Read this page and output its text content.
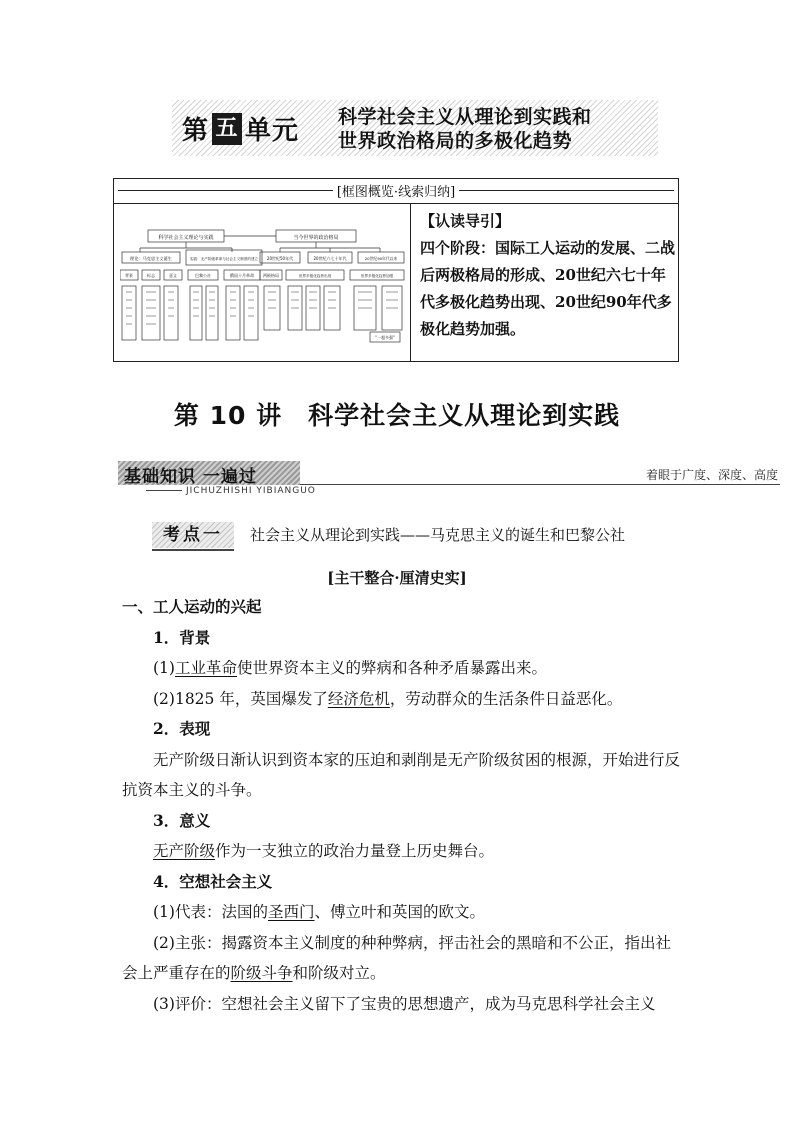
第 五 单元 科学社会主义从理论到实践和
世界政治格局的多极化趋势
[框图概览·线索归纳]
科学社会主义理论与实践	当今世界的政治格局
理论：马克思主义诞生	实践：无产阶级革命与社会主义制度的建立 20世纪50年代	20世纪六七十年代	20世纪90年代以来
背景	标志	意义	巴黎公社	俄国十月革命 两极格局	世界多极化趋势出现	世界多极化趋势加强
"一超多强"
【认读导引】
四个阶段：国际工人运动的发展、二战后两极格局的形成、20世纪六七十年代多极化趋势出现、20世纪90年代多极化趋势加强。
第 10 讲　科学社会主义从理论到实践
基础知识 一遍过
JICHUZHISHI YIBIANGUO
着眼于广度、深度、高度
考点一	社会主义从理论到实践——马克思主义的诞生和巴黎公社
[主干整合·厘清史实]

一、工人运动的兴起

1．背景

(1)工业革命使世界资本主义的弊病和各种矛盾暴露出来。

(2)1825 年，英国爆发了经济危机，劳动群众的生活条件日益恶化。

2．表现

无产阶级日渐认识到资本家的压迫和剥削是无产阶级贫困的根源，开始进行反抗资本主义的斗争。

3．意义

无产阶级作为一支独立的政治力量登上历史舞台。

4．空想社会主义

(1)代表：法国的圣西门、傅立叶和英国的欧文。

(2)主张：揭露资本主义制度的种种弊病，抨击社会的黑暗和不公正，指出社会上严重存在的阶级斗争和阶级对立。

(3)评价：空想社会主义留下了宝贵的思想遗产，成为马克思科学社会主义
